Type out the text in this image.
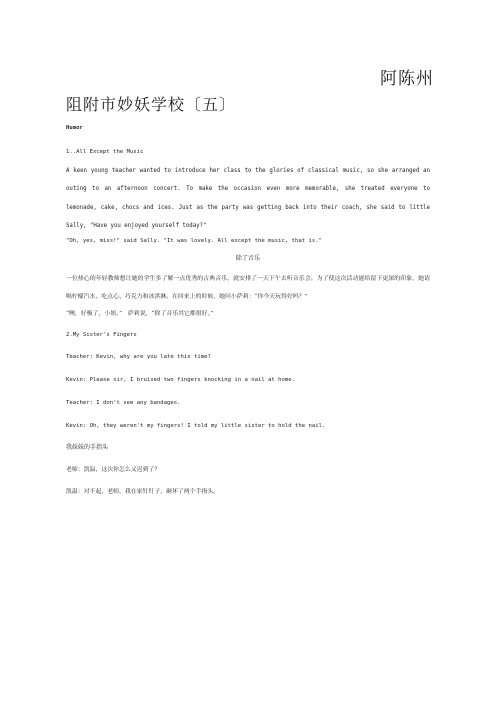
阿陈州
阻附市妙妖学校〔五〕

Humor

1..All Except the Music

A keen young teacher wanted to introduce her class to the glories of classical music, so she arranged an outing to an afternoon concert. To make the occasion even more memorable, she treated everyone to lemonade, cake, chocs and ices. Just as the party was getting back into their coach, she said to little Sally, "Have you enjoyed yourself today?"

"Oh, yes, miss!" said Sally. "It was lovely. All except the music, that is."

除了音乐

一位热心的年轻教师想让她的学生多了解一点优秀的古典音乐，就安排了一天下午去听音乐会。为了使这次活动能给留下更深的印象，她请喝柠檬汽水、吃点心、巧克力和冰淇淋。在回来上的时候，她问小萨莉：“你今天玩得好吗？”

“噢，好极了，小姐，”　萨莉说，“除了音乐其它都很好。”

2.My Sister's Fingers

Teacher: Kevin, why are you late this time?

Kevin: Please sir, I bruised two fingers knocking in a nail at home.

Teacher: I don't see any bandages.

Kevin: Oh, they weren't my fingers! I told my little sister to hold the nail.

我妹妹的手指头

老师：凯温，这次你怎么又迟到了？

凯温：对不起，老师，我在家钉钉子，砸坏了两个手指头。
